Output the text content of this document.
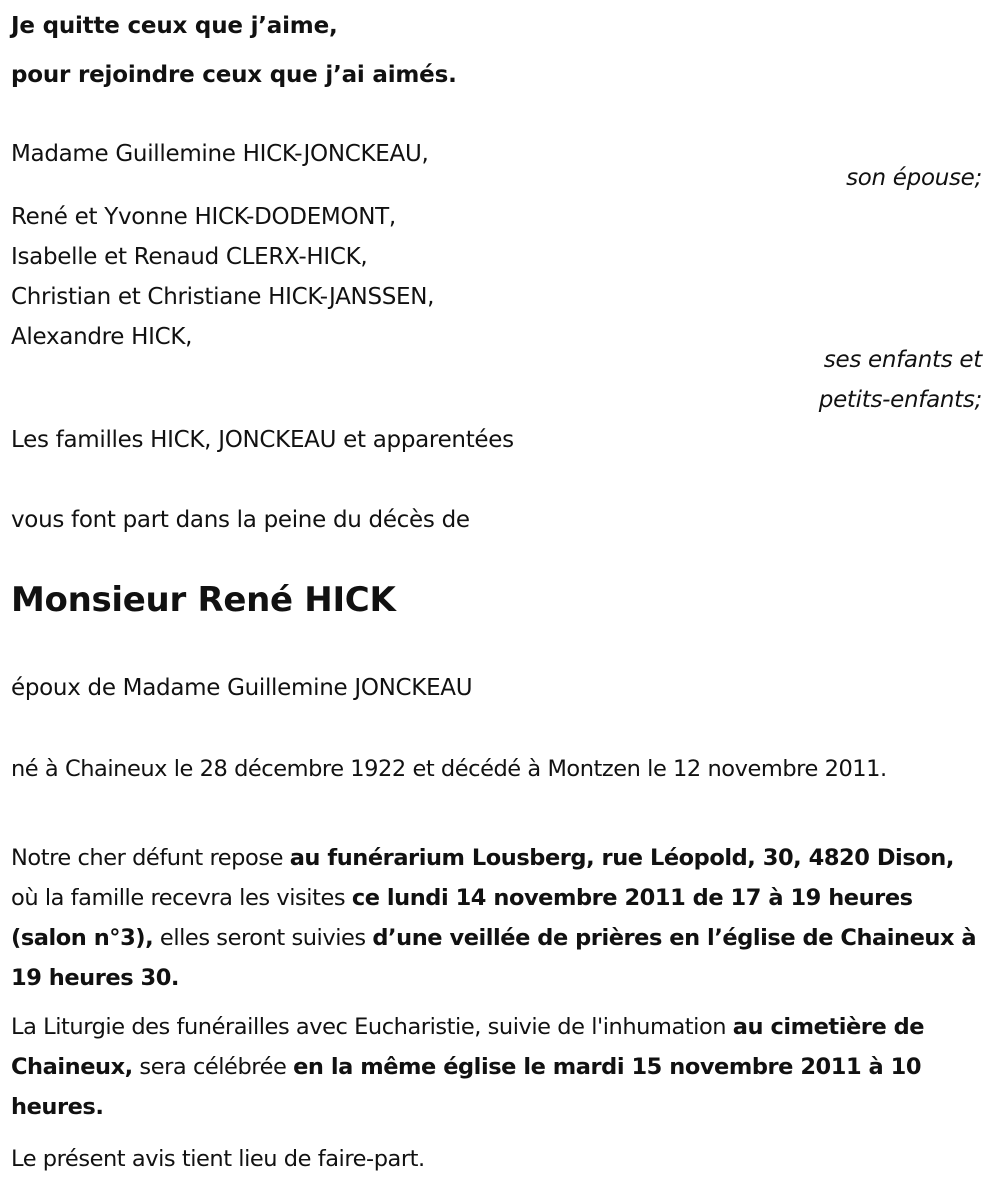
Je quitte ceux que j’aime,
pour rejoindre ceux que j’ai aimés.
Madame Guillemine HICK-JONCKEAU,
son épouse;
René et Yvonne HICK-DODEMONT,
Isabelle et Renaud CLERX-HICK,
Christian et Christiane HICK-JANSSEN,
Alexandre HICK,
ses enfants et
petits-enfants;
Les familles HICK, JONCKEAU et apparentées
vous font part dans la peine du décès de
Monsieur René HICK
époux de Madame Guillemine JONCKEAU
né à Chaineux le 28 décembre 1922 et décédé à Montzen le 12 novembre 2011.
Notre cher défunt repose au funérarium Lousberg, rue Léopold, 30, 4820 Dison, où la famille recevra les visites ce lundi 14 novembre 2011 de 17 à 19 heures (salon n°3), elles seront suivies d’une veillée de prières en l’église de Chaineux à 19 heures 30.
La Liturgie des funérailles avec Eucharistie, suivie de l'inhumation au cimetière de Chaineux, sera célébrée en la même église le mardi 15 novembre 2011 à 10 heures.
Le présent avis tient lieu de faire-part.
